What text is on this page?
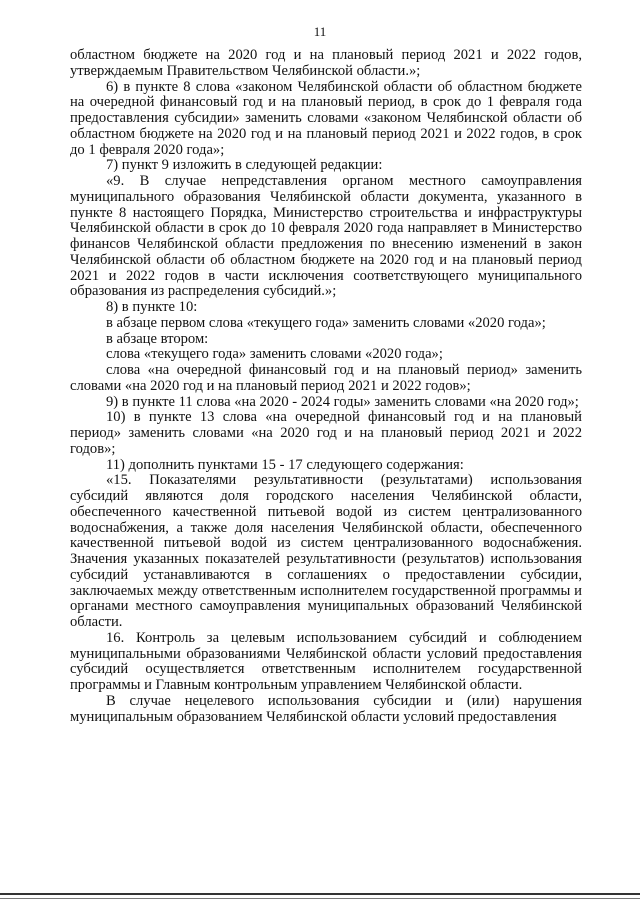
11

областном бюджете на 2020 год и на плановый период 2021 и 2022 годов, утверждаемым Правительством Челябинской области.»;

6) в пункте 8 слова «законом Челябинской области об областном бюджете на очередной финансовый год и на плановый период, в срок до 1 февраля года предоставления субсидии» заменить словами «законом Челябинской области об областном бюджете на 2020 год и на плановый период 2021 и 2022 годов, в срок до 1 февраля 2020 года»;

7) пункт 9 изложить в следующей редакции:

«9. В случае непредставления органом местного самоуправления муниципального образования Челябинской области документа, указанного в пункте 8 настоящего Порядка, Министерство строительства и инфраструктуры Челябинской области в срок до 10 февраля 2020 года направляет в Министерство финансов Челябинской области предложения по внесению изменений в закон Челябинской области об областном бюджете на 2020 год и на плановый период 2021 и 2022 годов в части исключения соответствующего муниципального образования из распределения субсидий.»;

8) в пункте 10:

в абзаце первом слова «текущего года» заменить словами «2020 года»;

в абзаце втором:

слова «текущего года» заменить словами «2020 года»;

слова «на очередной финансовый год и на плановый период» заменить словами «на 2020 год и на плановый период 2021 и 2022 годов»;

9) в пункте 11 слова «на 2020 - 2024 годы» заменить словами «на 2020 год»;

10) в пункте 13 слова «на очередной финансовый год и на плановый период» заменить словами «на 2020 год и на плановый период 2021 и 2022 годов»;

11) дополнить пунктами 15 - 17 следующего содержания:

«15. Показателями результативности (результатами) использования субсидий являются доля городского населения Челябинской области, обеспеченного качественной питьевой водой из систем централизованного водоснабжения, а также доля населения Челябинской области, обеспеченного качественной питьевой водой из систем централизованного водоснабжения. Значения указанных показателей результативности (результатов) использования субсидий устанавливаются в соглашениях о предоставлении субсидии, заключаемых между ответственным исполнителем государственной программы и органами местного самоуправления муниципальных образований Челябинской области.

16. Контроль за целевым использованием субсидий и соблюдением муниципальными образованиями Челябинской области условий предоставления субсидий осуществляется ответственным исполнителем государственной программы и Главным контрольным управлением Челябинской области.

В случае нецелевого использования субсидии и (или) нарушения муниципальным образованием Челябинской области условий предоставления
